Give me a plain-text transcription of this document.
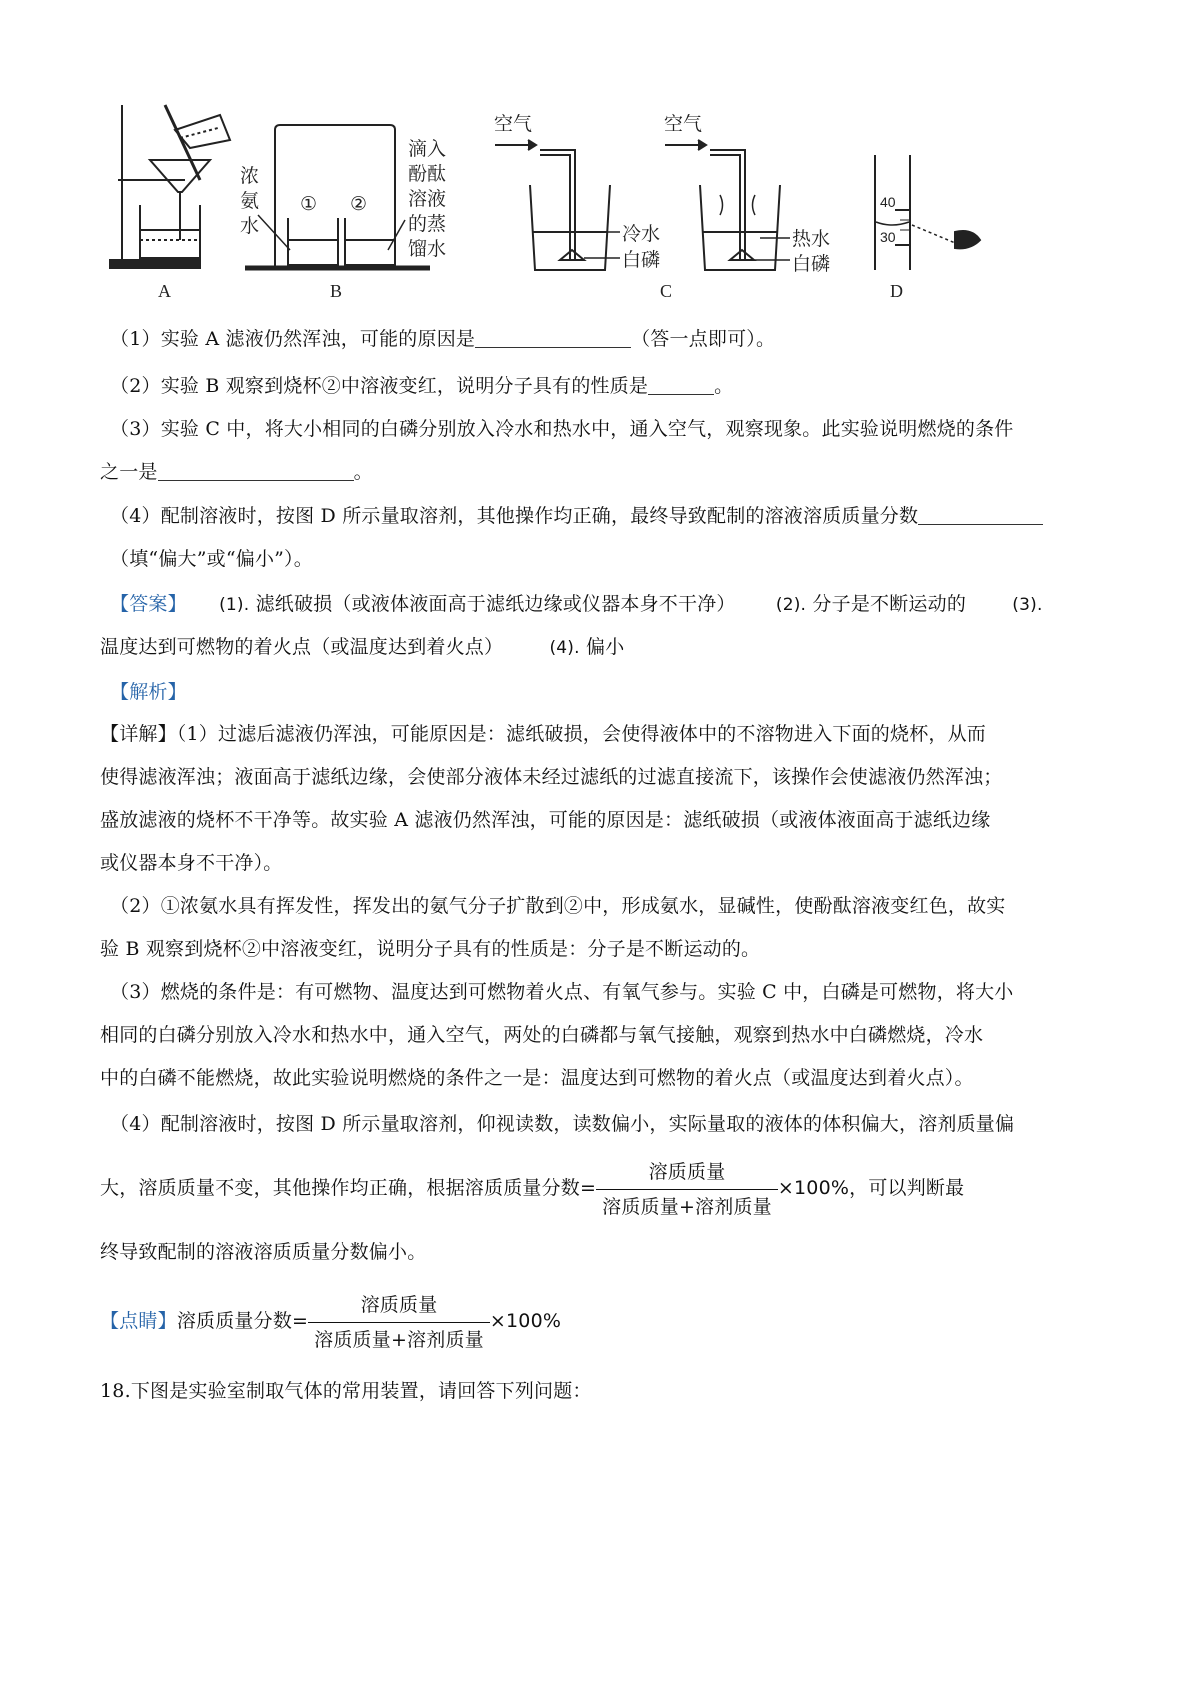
A
浓
氨
水
① ②
滴入
酚酞
溶液
的蒸
馏水
B
空气
冷水
白磷
空气
热水
白磷
C
40
30
D
（1）实验 A 滤液仍然浑浊，可能的原因是	（答一点即可）。
（2）实验 B 观察到烧杯②中溶液变红，说明分子具有的性质是	。
（3）实验 C 中，将大小相同的白磷分别放入冷水和热水中，通入空气，观察现象。此实验说明燃烧的条件
之一是	。
（4）配制溶液时，按图 D 所示量取溶剂，其他操作均正确，最终导致配制的溶液溶质质量分数
（填“偏大”或“偏小”）。
【答案】 (1). 滤纸破损（或液体液面高于滤纸边缘或仪器本身不干净） (2). 分子是不断运动的	(3).
温度达到可燃物的着火点（或温度达到着火点）	(4). 偏小
【解析】
【详解】（1）过滤后滤液仍浑浊，可能原因是：滤纸破损，会使得液体中的不溶物进入下面的烧杯，从而
使得滤液浑浊；液面高于滤纸边缘，会使部分液体未经过滤纸的过滤直接流下，该操作会使滤液仍然浑浊；
盛放滤液的烧杯不干净等。故实验 A 滤液仍然浑浊，可能的原因是：滤纸破损（或液体液面高于滤纸边缘
或仪器本身不干净）。
（2）①浓氨水具有挥发性，挥发出的氨气分子扩散到②中，形成氨水，显碱性，使酚酞溶液变红色，故实
验 B 观察到烧杯②中溶液变红，说明分子具有的性质是：分子是不断运动的。
（3）燃烧的条件是：有可燃物、温度达到可燃物着火点、有氧气参与。实验 C 中，白磷是可燃物，将大小
相同的白磷分别放入冷水和热水中，通入空气，两处的白磷都与氧气接触，观察到热水中白磷燃烧，冷水
中的白磷不能燃烧，故此实验说明燃烧的条件之一是：温度达到可燃物的着火点（或温度达到着火点）。
（4）配制溶液时，按图 D 所示量取溶剂，仰视读数，读数偏小，实际量取的液体的体积偏大，溶剂质量偏
大，溶质质量不变，其他操作均正确，根据溶质质量分数= $\frac{\text{溶质质量}}{\text{溶质质量+溶剂质量}} \times 100\%$，可以判断最
终导致配制的溶液溶质质量分数偏小。
【点睛】溶质质量分数= $\frac{\text{溶质质量}}{\text{溶质质量+溶剂质量}} \times 100\%$
18.下图是实验室制取气体的常用装置，请回答下列问题：
